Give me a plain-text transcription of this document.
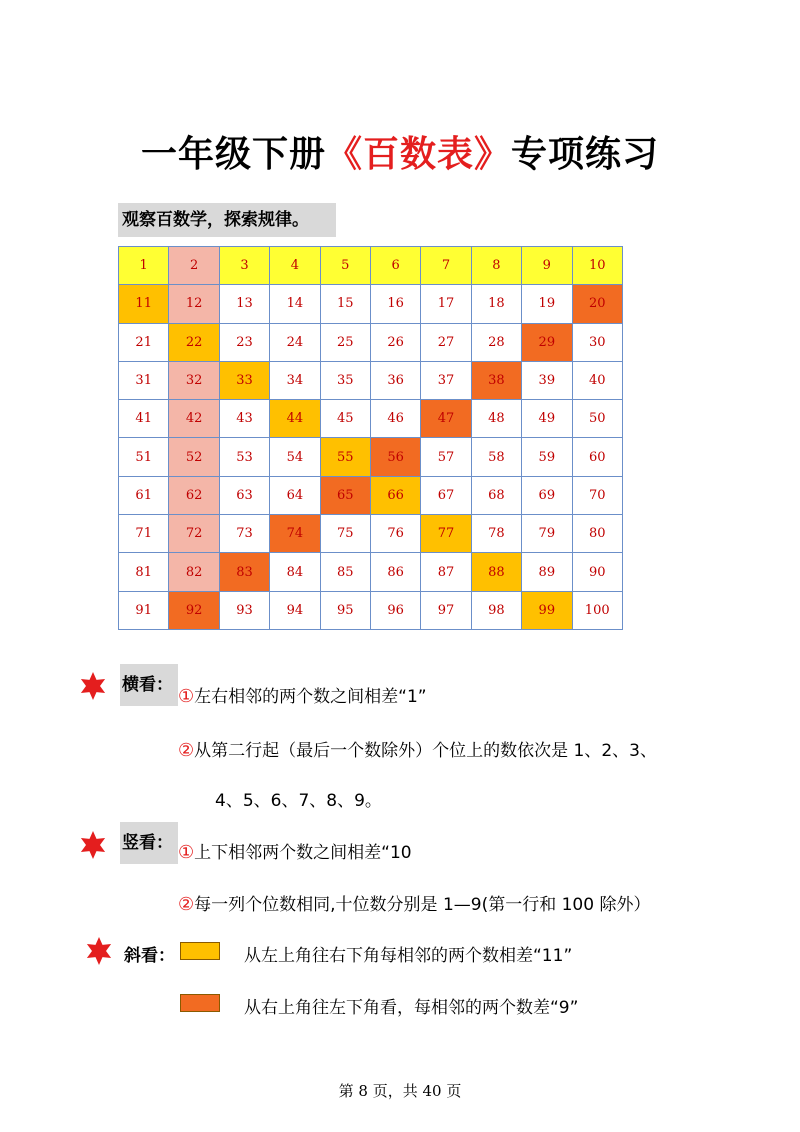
一年级下册《百数表》专项练习
观察百数学，探索规律。
1	2	3	4	5	6	7	8	9	10
11	12	13	14	15	16	17	18	19	20
21	22	23	24	25	26	27	28	29	30
31	32	33	34	35	36	37	38	39	40
41	42	43	44	45	46	47	48	49	50
51	52	53	54	55	56	57	58	59	60
61	62	63	64	65	66	67	68	69	70
71	72	73	74	75	76	77	78	79	80
81	82	83	84	85	86	87	88	89	90
91	92	93	94	95	96	97	98	99	100
横看：
①左右相邻的两个数之间相差“1”
②从第二行起（最后一个数除外）个位上的数依次是 1、2、3、
4、5、6、7、8、9。
竖看： ①上下相邻两个数之间相差“10
②每一列个位数相同,十位数分别是 1—9(第一行和 100 除外）
斜看：	从左上角往右下角每相邻的两个数相差“11”
从右上角往左下角看，每相邻的两个数差“9”
第 8 页，共 40 页
